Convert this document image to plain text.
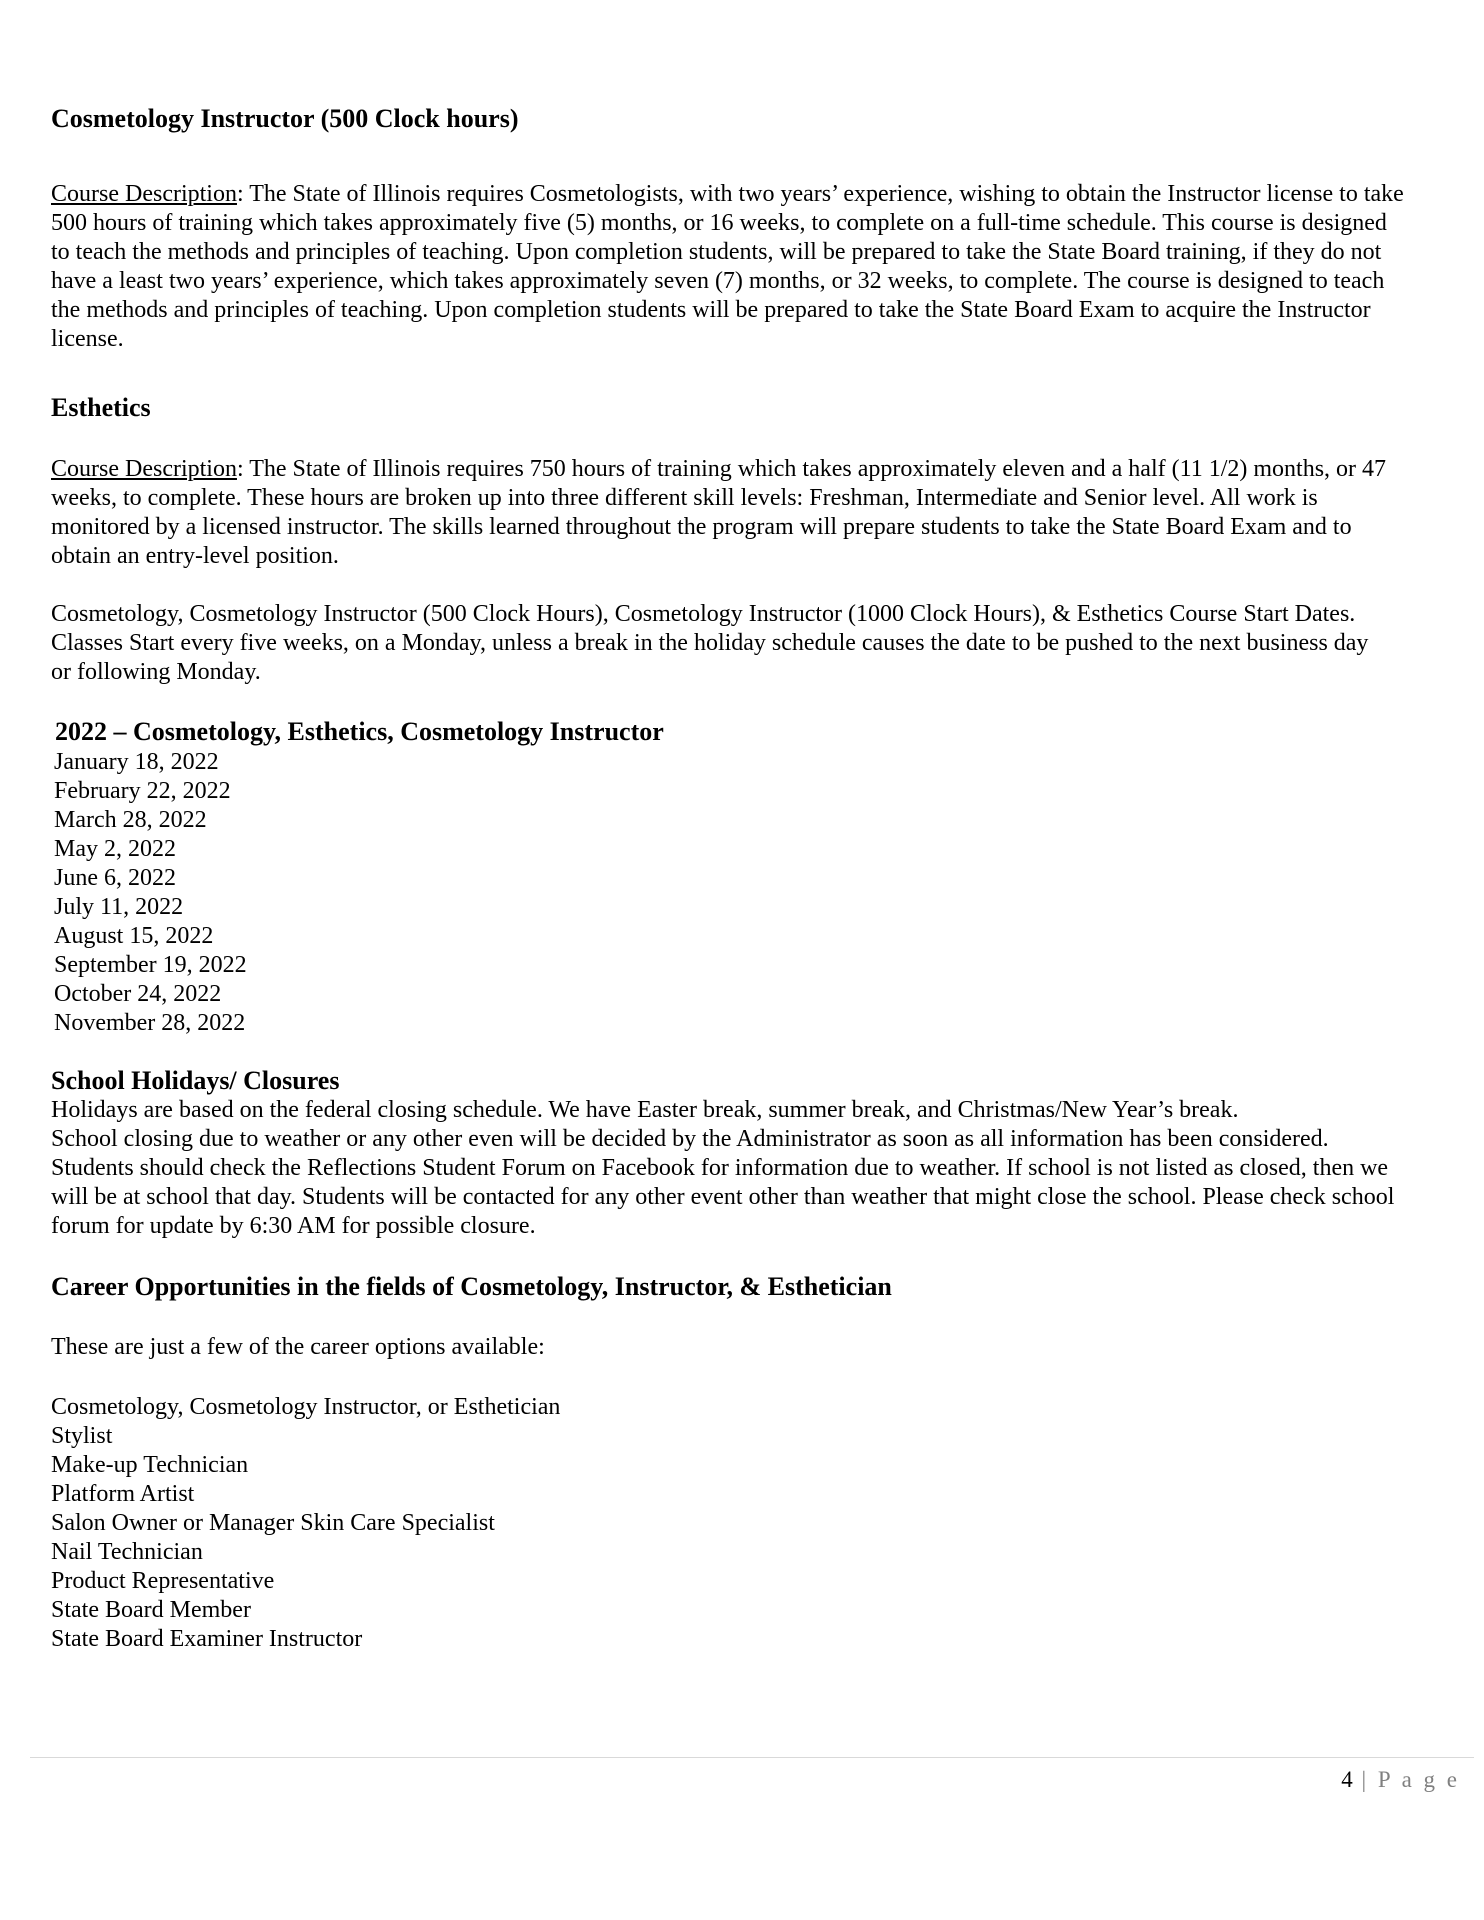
Cosmetology Instructor (500 Clock hours)
Course Description: The State of Illinois requires Cosmetologists, with two years’ experience, wishing to obtain the Instructor license to take
500 hours of training which takes approximately five (5) months, or 16 weeks, to complete on a full-time schedule. This course is designed
to teach the methods and principles of teaching. Upon completion students, will be prepared to take the State Board training, if they do not
have a least two years’ experience, which takes approximately seven (7) months, or 32 weeks, to complete. The course is designed to teach
the methods and principles of teaching. Upon completion students will be prepared to take the State Board Exam to acquire the Instructor
license.
Esthetics
Course Description: The State of Illinois requires 750 hours of training which takes approximately eleven and a half (11 1/2) months, or 47
weeks, to complete. These hours are broken up into three different skill levels: Freshman, Intermediate and Senior level. All work is
monitored by a licensed instructor. The skills learned throughout the program will prepare students to take the State Board Exam and to
obtain an entry-level position.
Cosmetology, Cosmetology Instructor (500 Clock Hours), Cosmetology Instructor (1000 Clock Hours), & Esthetics Course Start Dates.
Classes Start every five weeks, on a Monday, unless a break in the holiday schedule causes the date to be pushed to the next business day
or following Monday.
2022 – Cosmetology, Esthetics, Cosmetology Instructor
January 18, 2022
February 22, 2022
March 28, 2022
May 2, 2022
June 6, 2022
July 11, 2022
August 15, 2022
September 19, 2022
October 24, 2022
November 28, 2022
School Holidays/ Closures
Holidays are based on the federal closing schedule. We have Easter break, summer break, and Christmas/New Year’s break.
School closing due to weather or any other even will be decided by the Administrator as soon as all information has been considered.
Students should check the Reflections Student Forum on Facebook for information due to weather. If school is not listed as closed, then we
will be at school that day. Students will be contacted for any other event other than weather that might close the school. Please check school
forum for update by 6:30 AM for possible closure.
Career Opportunities in the fields of Cosmetology, Instructor, & Esthetician
These are just a few of the career options available:
Cosmetology, Cosmetology Instructor, or Esthetician
Stylist
Make-up Technician
Platform Artist
Salon Owner or Manager Skin Care Specialist
Nail Technician
Product Representative
State Board Member
State Board Examiner Instructor
4 | P a g e
